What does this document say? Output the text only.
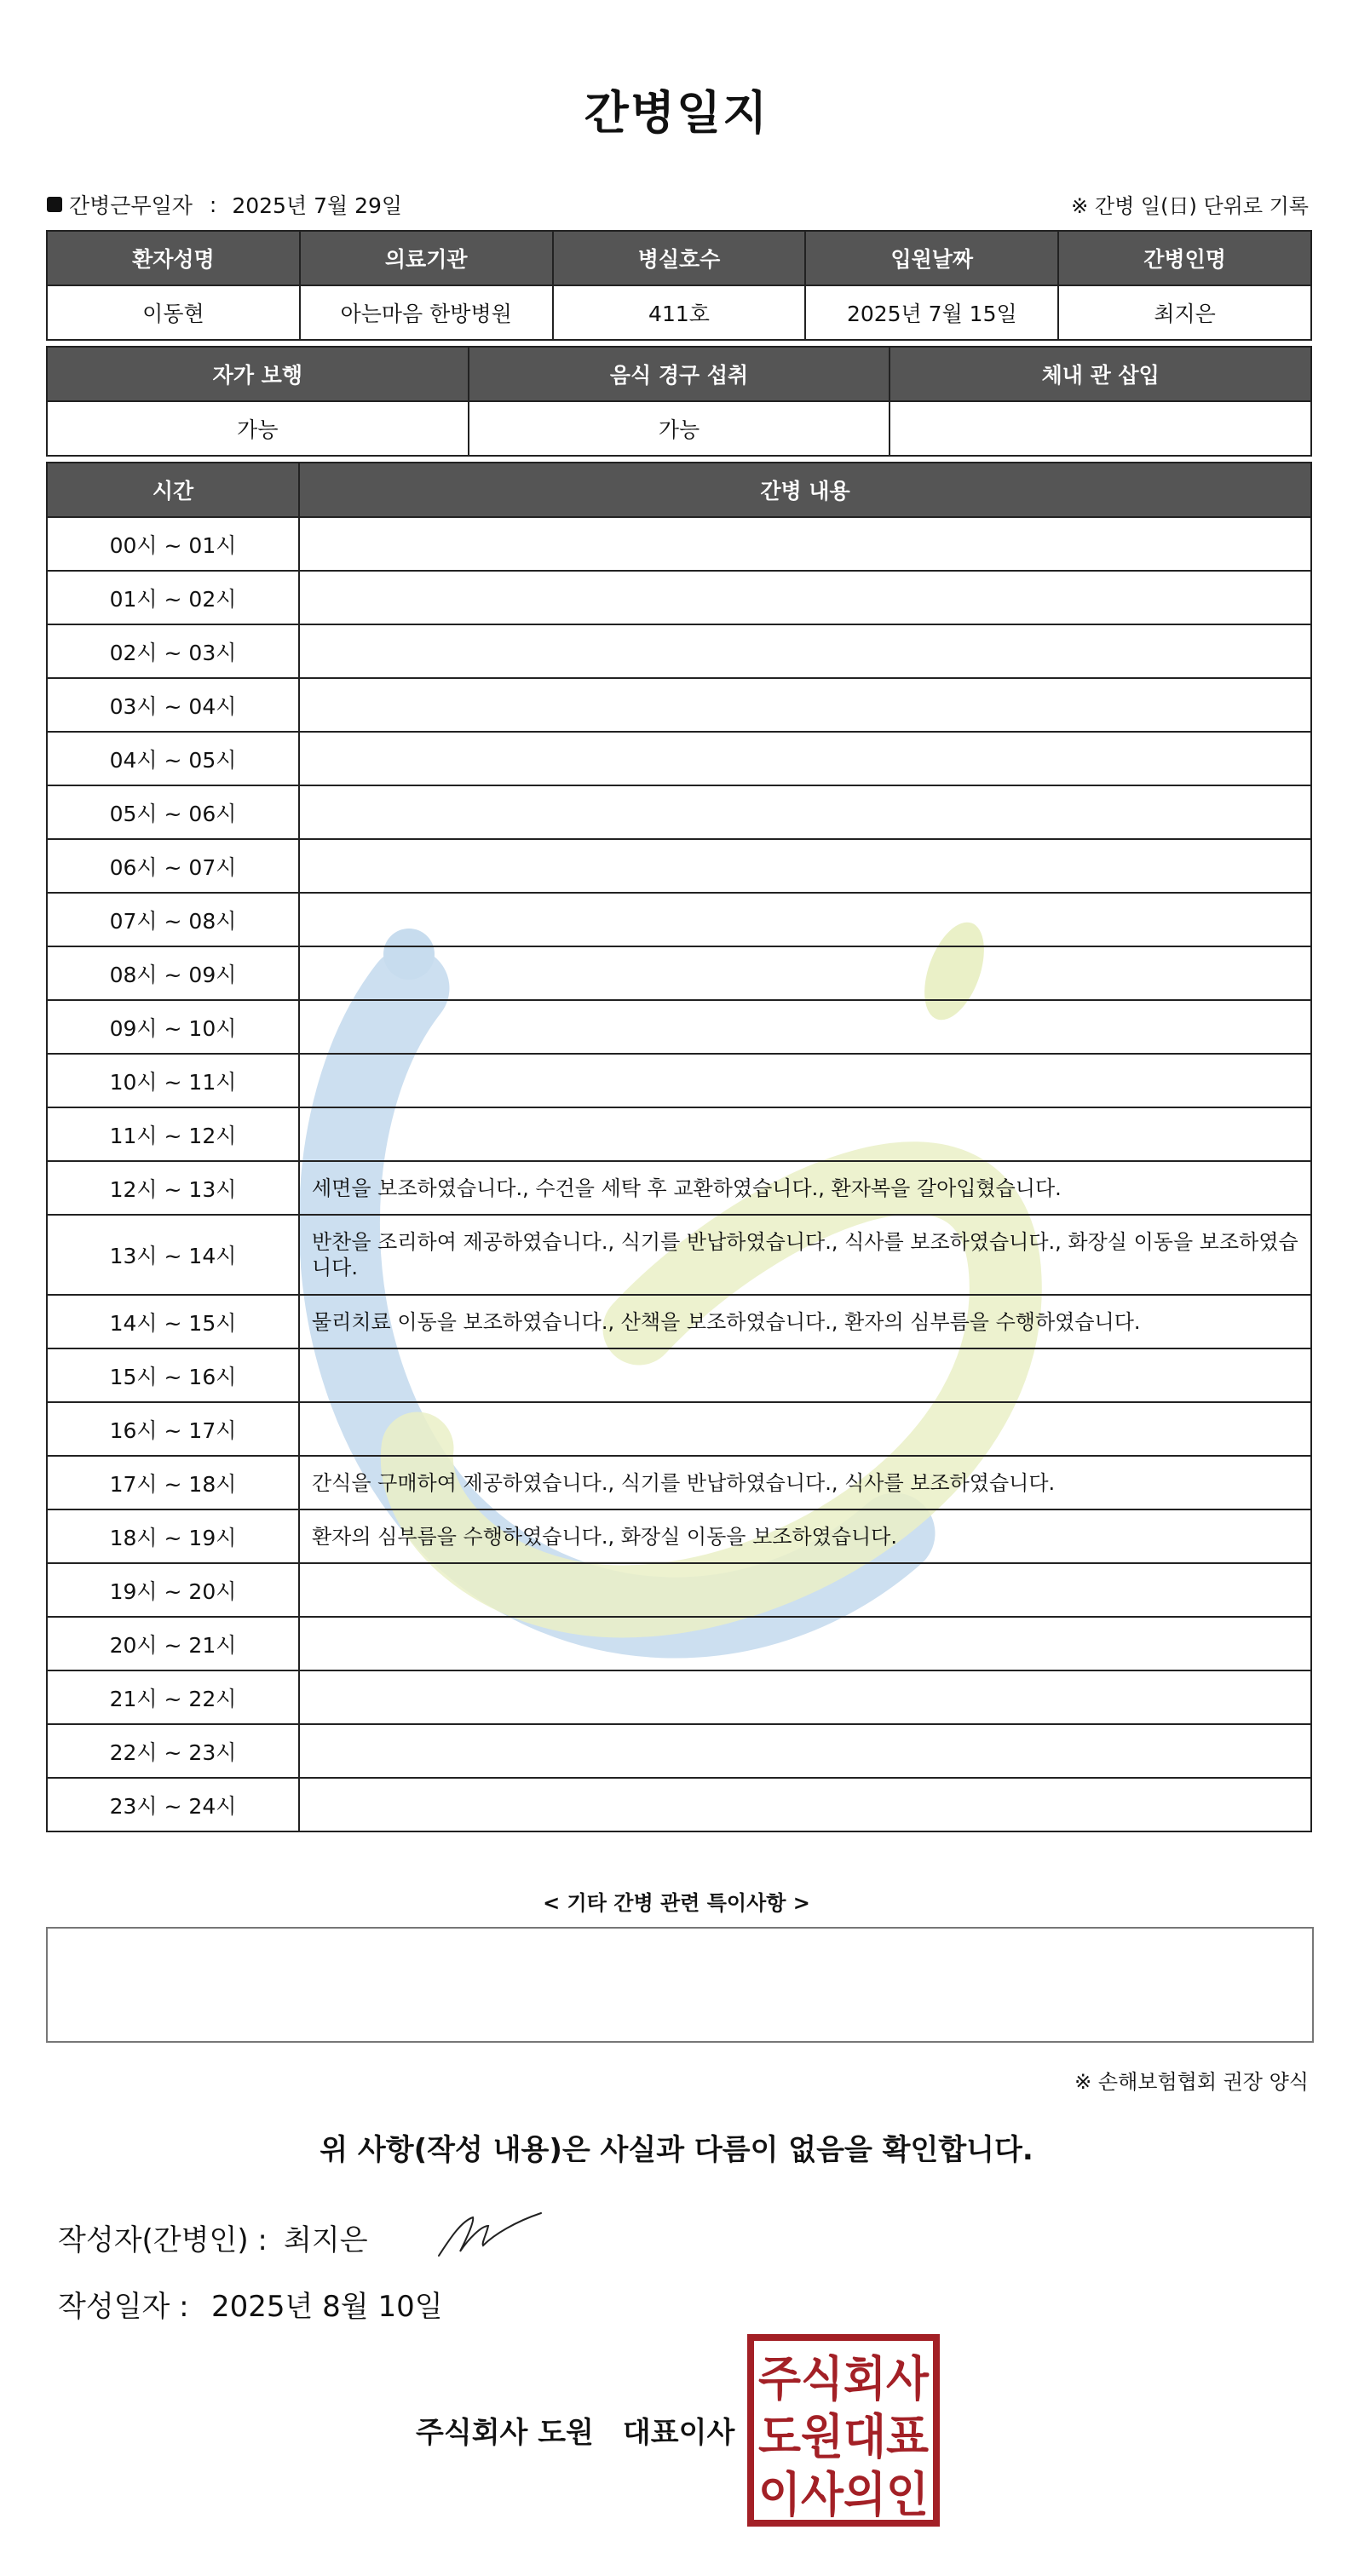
간병일지
간병근무일자 : 2025년 7월 29일	※ 간병 일(日) 단위로 기록
환자성명	의료기관	병실호수	입원날짜	간병인명
이동현	아는마음 한방병원	411호	2025년 7월 15일	최지은
자가 보행	음식 경구 섭취	체내 관 삽입
가능	가능	
시간	간병 내용
00시 ~ 01시	
01시 ~ 02시	
02시 ~ 03시	
03시 ~ 04시	
04시 ~ 05시	
05시 ~ 06시	
06시 ~ 07시	
07시 ~ 08시	
08시 ~ 09시	
09시 ~ 10시	
10시 ~ 11시	
11시 ~ 12시	
12시 ~ 13시	세면을 보조하였습니다., 수건을 세탁 후 교환하였습니다., 환자복을 갈아입혔습니다.
13시 ~ 14시	반찬을 조리하여 제공하였습니다., 식기를 반납하였습니다., 식사를 보조하였습니다., 화장실 이동을 보조하였습니다.
14시 ~ 15시	물리치료 이동을 보조하였습니다., 산책을 보조하였습니다., 환자의 심부름을 수행하였습니다.
15시 ~ 16시	
16시 ~ 17시	
17시 ~ 18시	간식을 구매하여 제공하였습니다., 식기를 반납하였습니다., 식사를 보조하였습니다.
18시 ~ 19시	환자의 심부름을 수행하였습니다., 화장실 이동을 보조하였습니다.
19시 ~ 20시	
20시 ~ 21시	
21시 ~ 22시	
22시 ~ 23시	
23시 ~ 24시	
< 기타 간병 관련 특이사항 >
※ 손해보험협회 권장 양식
위 사항(작성 내용)은 사실과 다름이 없음을 확인합니다.
작성자(간병인) : 최지은
작성일자 : 2025년 8월 10일
주식회사 도원 대표이사
주식회사
도원대표
이사의인
